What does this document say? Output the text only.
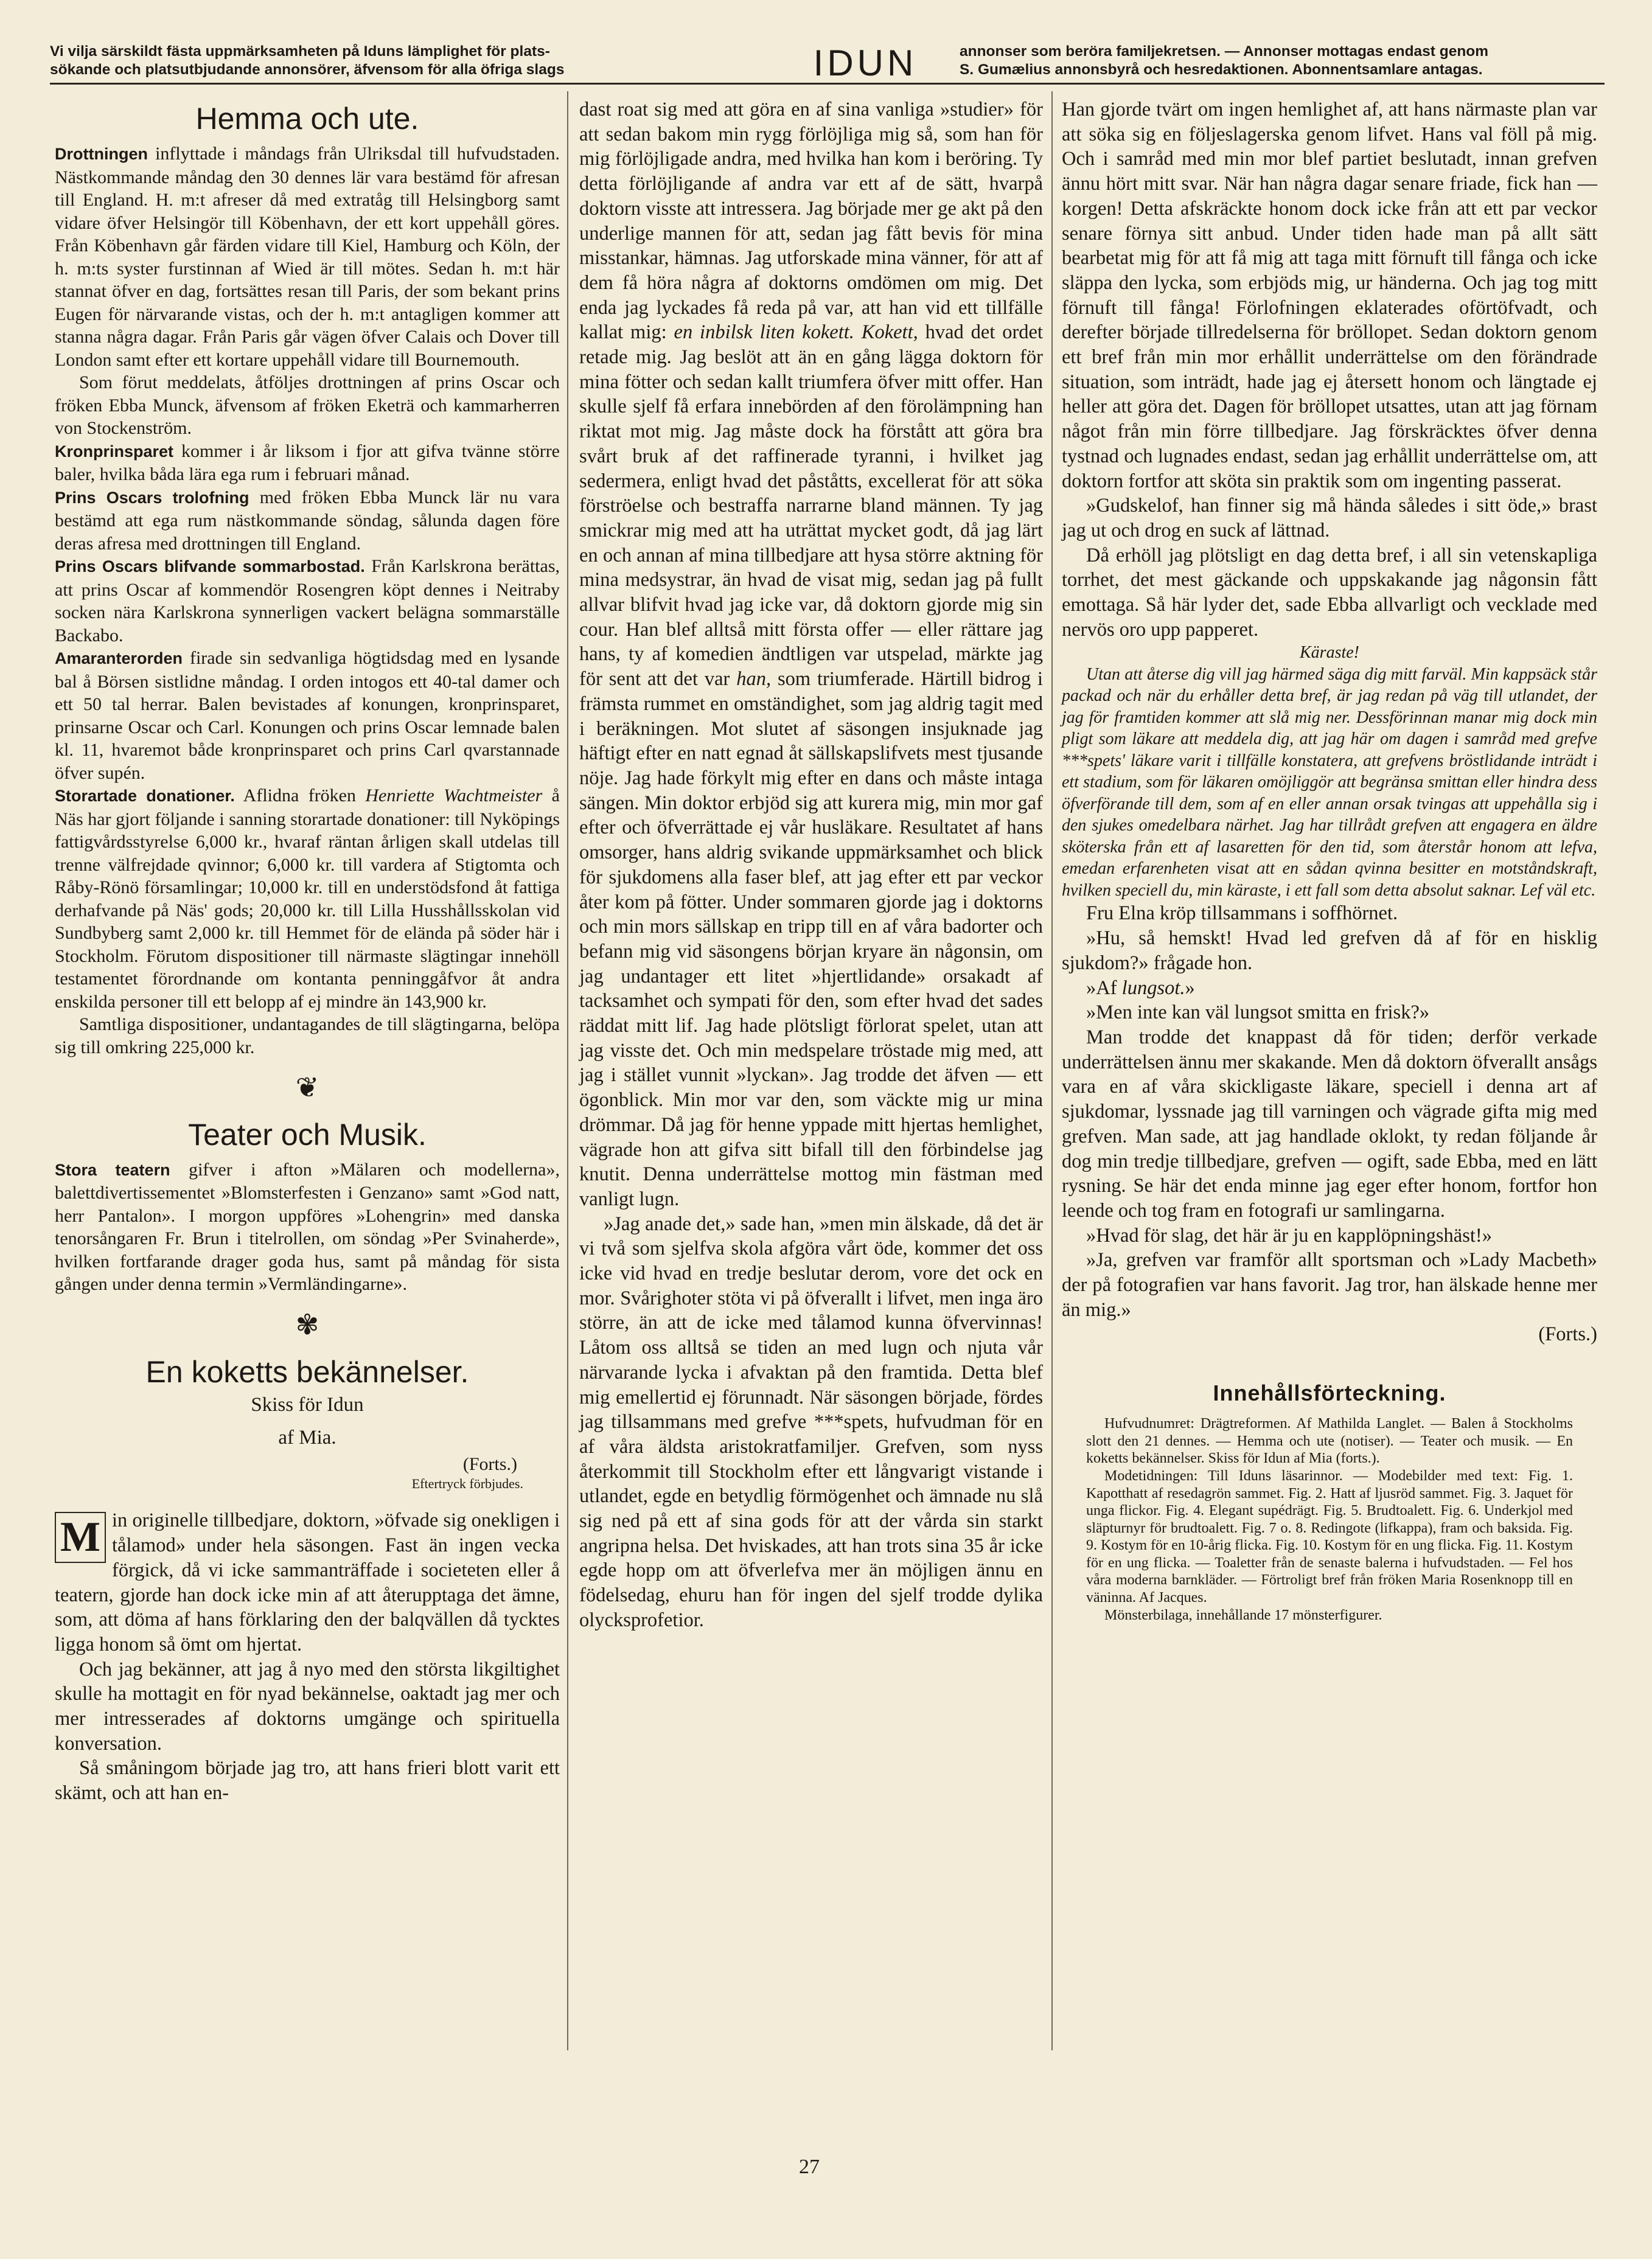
Vi vilja särskildt fästa uppmärksamheten på Iduns lämplighet för plats-
sökande och platsutbjudande annonsörer, äfvensom för alla öfriga slags	IDUN	annonser som beröra familjekretsen. — Annonser mottagas endast genom
S. Gumælius annonsbyrå och hesredaktionen. Abonnentsamlare antagas.
Hemma och ute.

Drottningen inflyttade i måndags från Ulriksdal till hufvudstaden. Nästkommande måndag den 30 dennes lär vara bestämd för afresan till England. H. m:t afreser då med extratåg till Helsingborg samt vidare öfver Helsingör till Köbenhavn, der ett kort uppehåll göres. Från Köbenhavn går färden vidare till Kiel, Hamburg och Köln, der h. m:ts syster furstinnan af Wied är till mötes. Sedan h. m:t här stannat öfver en dag, fortsättes resan till Paris, der som bekant prins Eugen för närvarande vistas, och der h. m:t antagligen kommer att stanna några dagar. Från Paris går vägen öfver Calais och Dover till London samt efter ett kortare uppehåll vidare till Bournemouth.

Som förut meddelats, åtföljes drottningen af prins Oscar och fröken Ebba Munck, äfvensom af fröken Eketrä och kammarherren von Stockenström.

Kronprinsparet kommer i år liksom i fjor att gifva tvänne större baler, hvilka båda lära ega rum i februari månad.

Prins Oscars trolofning med fröken Ebba Munck lär nu vara bestämd att ega rum nästkommande söndag, sålunda dagen före deras afresa med drottningen till England.

Prins Oscars blifvande sommarbostad. Från Karlskrona berättas, att prins Oscar af kommendör Rosengren köpt dennes i Neitraby socken nära Karlskrona synnerligen vackert belägna sommarställe Backabo.

Amaranterorden firade sin sedvanliga högtidsdag med en lysande bal å Börsen sistlidne måndag. I orden intogos ett 40-tal damer och ett 50 tal herrar. Balen bevistades af konungen, kronprinsparet, prinsarne Oscar och Carl. Konungen och prins Oscar lemnade balen kl. 11, hvaremot både kronprinsparet och prins Carl qvarstannade öfver supén.

Storartade donationer. Aflidna fröken Henriette Wachtmeister å Näs har gjort följande i sanning storartade donationer: till Nyköpings fattigvårdsstyrelse 6,000 kr., hvaraf räntan årligen skall utdelas till trenne välfrejdade qvinnor; 6,000 kr. till vardera af Stigtomta och Råby-Rönö församlingar; 10,000 kr. till en understödsfond åt fattiga derhafvande på Näs' gods; 20,000 kr. till Lilla Husshållsskolan vid Sundbyberg samt 2,000 kr. till Hemmet för de elända på söder här i Stockholm. Förutom dispositioner till närmaste slägtingar innehöll testamentet förordnande om kontanta penninggåfvor åt andra enskilda personer till ett belopp af ej mindre än 143,900 kr.

Samtliga dispositioner, undantagandes de till slägtingarna, belöpa sig till omkring 225,000 kr.

❦
Teater och Musik.

Stora teatern gifver i afton »Mälaren och modellerna», balettdivertissementet »Blomsterfesten i Genzano» samt »God natt, herr Pantalon». I morgon uppföres »Lohengrin» med danska tenorsångaren Fr. Brun i titelrollen, om söndag »Per Svinaherde», hvilken fortfarande drager goda hus, samt på måndag för sista gången under denna termin »Vermländingarne».

✾
En koketts bekännelser.
Skiss för Idun
af Mia.
(Forts.)
Eftertryck förbjudes.

M in originelle tillbedjare, doktorn, »öfvade sig onekligen i tålamod» under hela säsongen. Fast än ingen vecka förgick, då vi icke sammanträffade i societeten eller å teatern, gjorde han dock icke min af att återupptaga det ämne, som, att döma af hans förklaring den der balqvällen då tycktes ligga honom så ömt om hjertat.

Och jag bekänner, att jag å nyo med den största likgiltighet skulle ha mottagit en för nyad bekännelse, oaktadt jag mer och mer intresserades af doktorns umgänge och spirituella konversation.

Så småningom började jag tro, att hans frieri blott varit ett skämt, och att han en-

dast roat sig med att göra en af sina vanliga »studier» för att sedan bakom min rygg förlöjliga mig så, som han för mig förlöjligade andra, med hvilka han kom i beröring. Ty detta förlöjligande af andra var ett af de sätt, hvarpå doktorn visste att intressera. Jag började mer ge akt på den underlige mannen för att, sedan jag fått bevis för mina misstankar, hämnas. Jag utforskade mina vänner, för att af dem få höra några af doktorns omdömen om mig. Det enda jag lyckades få reda på var, att han vid ett tillfälle kallat mig: en inbilsk liten kokett. Kokett, hvad det ordet retade mig. Jag beslöt att än en gång lägga doktorn för mina fötter och sedan kallt triumfera öfver mitt offer. Han skulle sjelf få erfara innebörden af den förolämpning han riktat mot mig. Jag måste dock ha förstått att göra bra svårt bruk af det raffinerade tyranni, i hvilket jag sedermera, enligt hvad det påståtts, excellerat för att söka förströelse och bestraffa narrarne bland männen. Ty jag smickrar mig med att ha uträttat mycket godt, då jag lärt en och annan af mina tillbedjare att hysa större aktning för mina medsystrar, än hvad de visat mig, sedan jag på fullt allvar blifvit hvad jag icke var, då doktorn gjorde mig sin cour. Han blef alltså mitt första offer — eller rättare jag hans, ty af komedien ändtligen var utspelad, märkte jag för sent att det var han, som triumferade. Härtill bidrog i främsta rummet en omständighet, som jag aldrig tagit med i beräkningen. Mot slutet af säsongen insjuknade jag häftigt efter en natt egnad åt sällskapslifvets mest tjusande nöje. Jag hade förkylt mig efter en dans och måste intaga sängen. Min doktor erbjöd sig att kurera mig, min mor gaf efter och öfverrättade ej vår husläkare. Resultatet af hans omsorger, hans aldrig svikande uppmärksamhet och blick för sjukdomens alla faser blef, att jag efter ett par veckor åter kom på fötter. Under sommaren gjorde jag i doktorns och min mors sällskap en tripp till en af våra badorter och befann mig vid säsongens början kryare än någonsin, om jag undantager ett litet »hjertlidande» orsakadt af tacksamhet och sympati för den, som efter hvad det sades räddat mitt lif. Jag hade plötsligt förlorat spelet, utan att jag visste det. Och min medspelare tröstade mig med, att jag i stället vunnit »lyckan». Jag trodde det äfven — ett ögonblick. Min mor var den, som väckte mig ur mina drömmar. Då jag för henne yppade mitt hjertas hemlighet, vägrade hon att gifva sitt bifall till den förbindelse jag knutit. Denna underrättelse mottog min fästman med vanligt lugn.

»Jag anade det,» sade han, »men min älskade, då det är vi två som sjelfva skola afgöra vårt öde, kommer det oss icke vid hvad en tredje beslutar derom, vore det ock en mor. Svårighoter stöta vi på öfverallt i lifvet, men inga äro större, än att de icke med tålamod kunna öfvervinnas! Låtom oss alltså se tiden an med lugn och njuta vår närvarande lycka i afvaktan på den framtida. Detta blef mig emellertid ej förunnadt. När säsongen började, fördes jag tillsammans med grefve ***spets, hufvudman för en af våra äldsta aristokratfamiljer. Grefven, som nyss återkommit till Stockholm efter ett långvarigt vistande i utlandet, egde en betydlig förmögenhet och ämnade nu slå sig ned på ett af sina gods för att der vårda sin starkt angripna helsa. Det hviskades, att han trots sina 35 år icke egde hopp om att öfverlefva mer än möjligen ännu en födelsedag, ehuru han för ingen del sjelf trodde dylika olycksprofetior.

Han gjorde tvärt om ingen hemlighet af, att hans närmaste plan var att söka sig en följeslagerska genom lifvet. Hans val föll på mig. Och i samråd med min mor blef partiet beslutadt, innan grefven ännu hört mitt svar. När han några dagar senare friade, fick han — korgen! Detta afskräckte honom dock icke från att ett par veckor senare förnya sitt anbud. Under tiden hade man på allt sätt bearbetat mig för att få mig att taga mitt förnuft till fånga och icke släppa den lycka, som erbjöds mig, ur händerna. Och jag tog mitt förnuft till fånga! Förlofningen eklaterades oförtöfvadt, och derefter började tillredelserna för bröllopet. Sedan doktorn genom ett bref från min mor erhållit underrättelse om den förändrade situation, som inträdt, hade jag ej återsett honom och längtade ej heller att göra det. Dagen för bröllopet utsattes, utan att jag förnam något från min förre tillbedjare. Jag förskräcktes öfver denna tystnad och lugnades endast, sedan jag erhållit underrättelse om, att doktorn fortfor att sköta sin praktik som om ingenting passerat.

»Gudskelof, han finner sig må hända således i sitt öde,» brast jag ut och drog en suck af lättnad.

Då erhöll jag plötsligt en dag detta bref, i all sin vetenskapliga torrhet, det mest gäckande och uppskakande jag någonsin fått emottaga. Så här lyder det, sade Ebba allvarligt och vecklade med nervös oro upp papperet.

Käraste!

Utan att återse dig vill jag härmed säga dig mitt farväl. Min kappsäck står packad och när du erhåller detta bref, är jag redan på väg till utlandet, der jag för framtiden kommer att slå mig ner. Dessförinnan manar mig dock min pligt som läkare att meddela dig, att jag här om dagen i samråd med grefve ***spets' läkare varit i tillfälle konstatera, att grefvens bröstlidande inträdt i ett stadium, som för läkaren omöjliggör att begränsa smittan eller hindra dess öfverförande till dem, som af en eller annan orsak tvingas att uppehålla sig i den sjukes omedelbara närhet. Jag har tillrådt grefven att engagera en äldre sköterska från ett af lasaretten för den tid, som återstår honom att lefva, emedan erfarenheten visat att en sådan qvinna besitter en motståndskraft, hvilken speciell du, min käraste, i ett fall som detta absolut saknar. Lef väl etc.

Fru Elna kröp tillsammans i soffhörnet.

»Hu, så hemskt! Hvad led grefven då af för en hisklig sjukdom?» frågade hon.

»Af lungsot.»

»Men inte kan väl lungsot smitta en frisk?»

Man trodde det knappast då för tiden; derför verkade underrättelsen ännu mer skakande. Men då doktorn öfverallt ansågs vara en af våra skickligaste läkare, speciell i denna art af sjukdomar, lyssnade jag till varningen och vägrade gifta mig med grefven. Man sade, att jag handlade oklokt, ty redan följande år dog min tredje tillbedjare, grefven — ogift, sade Ebba, med en lätt rysning. Se här det enda minne jag eger efter honom, fortfor hon leende och tog fram en fotografi ur samlingarna.

»Hvad för slag, det här är ju en kapplöpningshäst!»

»Ja, grefven var framför allt sportsman och »Lady Macbeth» der på fotografien var hans favorit. Jag tror, han älskade henne mer än mig.»

(Forts.)

Innehållsförteckning.

Hufvudnumret: Drägtreformen. Af Mathilda Langlet. — Balen å Stockholms slott den 21 dennes. — Hemma och ute (notiser). — Teater och musik. — En koketts bekännelser. Skiss för Idun af Mia (forts.).

Modetidningen: Till Iduns läsarinnor. — Modebilder med text: Fig. 1. Kapotthatt af resedagrön sammet. Fig. 2. Hatt af ljusröd sammet. Fig. 3. Jaquet för unga flickor. Fig. 4. Elegant supédrägt. Fig. 5. Brudtoalett. Fig. 6. Underkjol med släpturnyr för brudtoalett. Fig. 7 o. 8. Redingote (lifkappa), fram och baksida. Fig. 9. Kostym för en 10-årig flicka. Fig. 10. Kostym för en ung flicka. Fig. 11. Kostym för en ung flicka. — Toaletter från de senaste balerna i hufvudstaden. — Fel hos våra moderna barnkläder. — Förtroligt bref från fröken Maria Rosenknopp till en väninna. Af Jacques.

Mönsterbilaga, innehållande 17 mönsterfigurer.

27
